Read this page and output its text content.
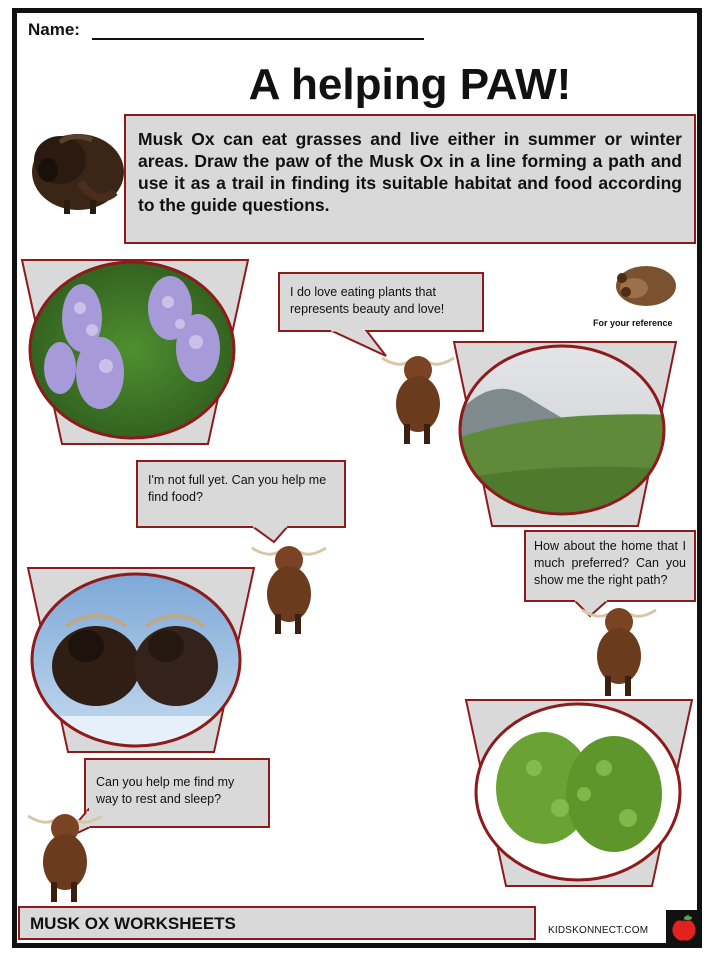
Name:
A helping PAW!
Musk Ox can eat grasses and live either in summer or winter areas. Draw the paw of the Musk Ox in a line forming a path and use it as a trail in finding its suitable habitat and food according to the guide questions.
I do love eating plants that represents beauty and love!
For your reference
I'm not full yet. Can you help me find food?
How about the home that I much preferred? Can you show me the right path?
Can you help me find my way to rest and sleep?
MUSK OX WORKSHEETS	KIDSKONNECT.COM
